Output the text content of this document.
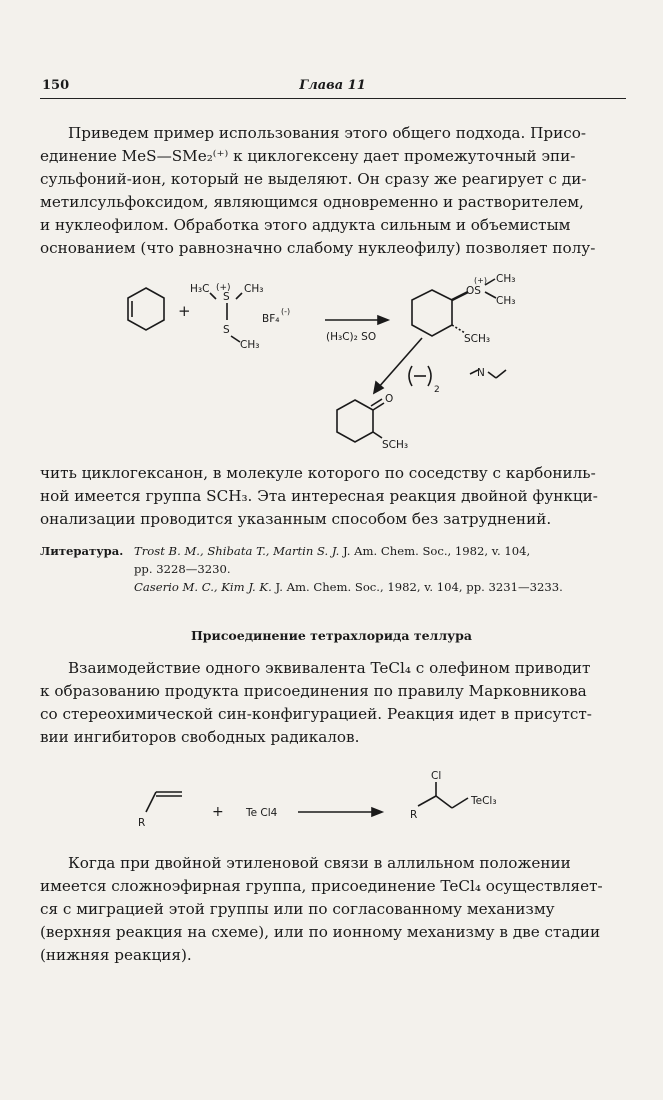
150	Глава 11
Приведем пример использования этого общего подхода. Присо-
единение MeS—SMe₂⁽⁺⁾ к циклогексену дает промежуточный эпи-
сульфоний-ион, который не выделяют. Он сразу же реагирует с ди-
метилсульфоксидом, являющимся одновременно и растворителем,
и нуклеофилом. Обработка этого аддукта сильным и объемистым
основанием (что равнозначно слабому нуклеофилу) позволяет полу-
+
H₃C (+)
S
CH₃
S
CH₃
BF₄
(-)
(H₃C)₂ SO
OS
(+) CH₃
CH₃
SCH₃
N
2
O
SCH₃
чить циклогексанон, в молекуле которого по соседству с карбониль-
ной имеется группа SCH₃. Эта интересная реакция двойной функци-
онализации проводится указанным способом без затруднений.
Литература. Trost B. M., Shibata T., Martin S. J. J. Am. Chem. Soc., 1982, v. 104,
pp. 3228—3230.
Caserio M. C., Kim J. K. J. Am. Chem. Soc., 1982, v. 104, pp. 3231—3233.
Присоединение тетрахлорида теллура
Взаимодействие одного эквивалента TeCl₄ с олефином приводит
к образованию продукта присоединения по правилу Марковникова
со стереохимической син-конфигурацией. Реакция идет в присутст-
вии ингибиторов свободных радикалов.
R
+ Te Cl4
Cl
R
TeCl₃
Когда при двойной этиленовой связи в аллильном положении
имеется сложноэфирная группа, присоединение TeCl₄ осуществляет-
ся с миграцией этой группы или по согласованному механизму
(верхняя реакция на схеме), или по ионному механизму в две стадии
(нижняя реакция).
